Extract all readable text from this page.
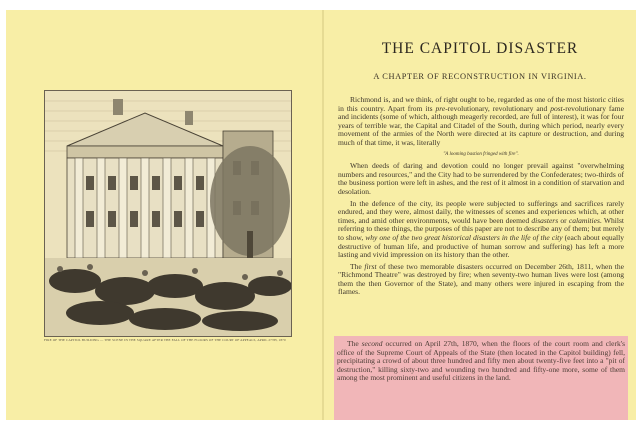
FIRE OF THE CAPITOL BUILDING — THE SCENE IN THE SQUARE AFTER THE FALL OF THE FLOORS OF THE COURT OF APPEALS, APRIL 27TH, 1870
THE CAPITOL DISASTER
A CHAPTER OF RECONSTRUCTION IN VIRGINIA.

Richmond is, and we think, of right ought to be, regarded as one of the most historic cities in this country. Apart from its pre-revolutionary, revolutionary and post-revolutionary fame and incidents (some of which, although meagerly recorded, are full of interest), it was for four years of terrible war, the Capital and Citadel of the South, during which period, nearly every movement of the armies of the North were directed at its capture or destruction, and during much of that time, it was, literally

"A looming bastion fringed with fire".

When deeds of daring and devotion could no longer prevail against "overwhelming numbers and resources," and the City had to be surrendered by the Confederates; two-thirds of the business portion were left in ashes, and the rest of it almost in a condition of starvation and desolation.

In the defence of the city, its people were subjected to sufferings and sacrifices rarely endured, and they were, almost daily, the witnesses of scenes and experiences which, at other times, and amid other environments, would have been deemed disasters or calamities. Whilst referring to these things, the purposes of this paper are not to describe any of them; but merely to show, why one of the two great historical disasters in the life of the city (each about equally destructive of human life, and productive of human sorrow and suffering) has left a more lasting and vivid impression on its history than the other.

The first of these two memorable disasters occurred on December 26th, 1811, when the "Richmond Theatre" was destroyed by fire; when seventy-two human lives were lost (among them the then Governor of the State), and many others were injured in escaping from the flames.

The second occurred on April 27th, 1870, when the floors of the court room and clerk's office of the Supreme Court of Appeals of the State (then located in the Capitol building) fell, precipitating a crowd of about three hundred and fifty men about twenty-five feet into a "pit of destruction," killing sixty-two and wounding two hundred and fifty-one more, some of them among the most prominent and useful citizens in the land.
